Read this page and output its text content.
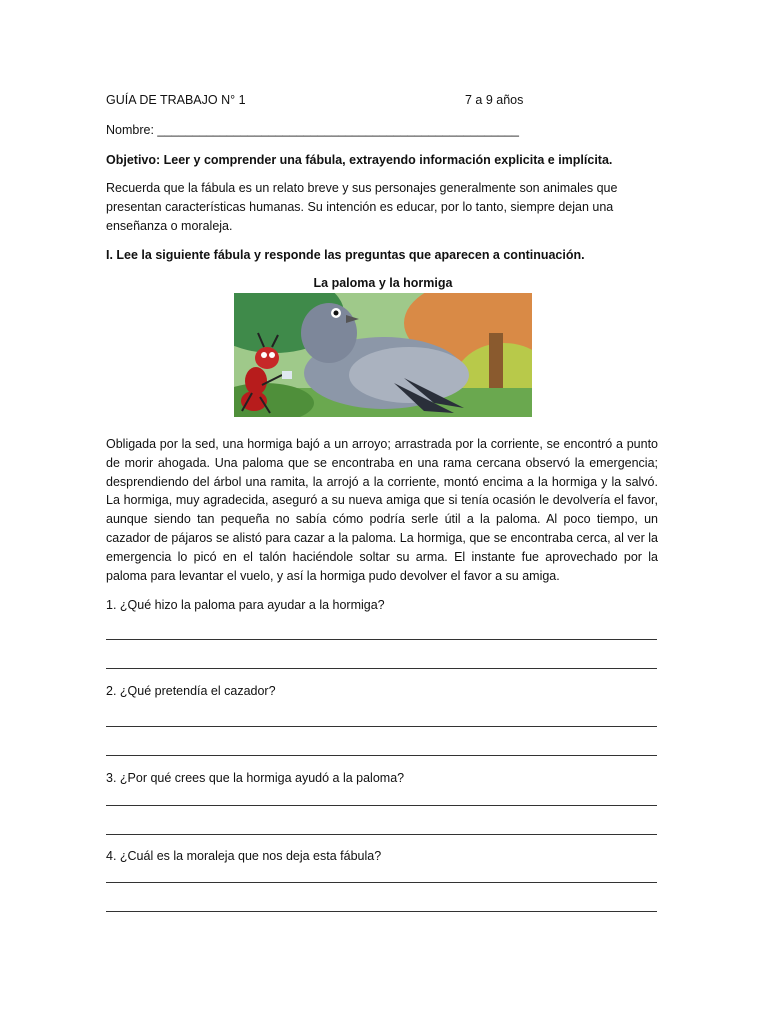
GUÍA DE TRABAJO N° 1	7 a 9 años
Nombre: ____________________________________________________
Objetivo: Leer y comprender una fábula, extrayendo información explicita e implícita.
Recuerda que la fábula es un relato breve y sus personajes generalmente son animales que presentan características humanas. Su intención es educar, por lo tanto, siempre dejan una enseñanza o moraleja.
I. Lee la siguiente fábula y responde las preguntas que aparecen a continuación.
La paloma y la hormiga
Obligada por la sed, una hormiga bajó a un arroyo; arrastrada por la corriente, se encontró a punto de morir ahogada. Una paloma que se encontraba en una rama cercana observó la emergencia; desprendiendo del árbol una ramita, la arrojó a la corriente, montó encima a la hormiga y la salvó. La hormiga, muy agradecida, aseguró a su nueva amiga que si tenía ocasión le devolvería el favor, aunque siendo tan pequeña no sabía cómo podría serle útil a la paloma. Al poco tiempo, un cazador de pájaros se alistó para cazar a la paloma. La hormiga, que se encontraba cerca, al ver la emergencia lo picó en el talón haciéndole soltar su arma. El instante fue aprovechado por la paloma para levantar el vuelo, y así la hormiga pudo devolver el favor a su amiga.
1. ¿Qué hizo la paloma para ayudar a la hormiga?
2. ¿Qué pretendía el cazador?
3. ¿Por qué crees que la hormiga ayudó a la paloma?
4. ¿Cuál es la moraleja que nos deja esta fábula?
